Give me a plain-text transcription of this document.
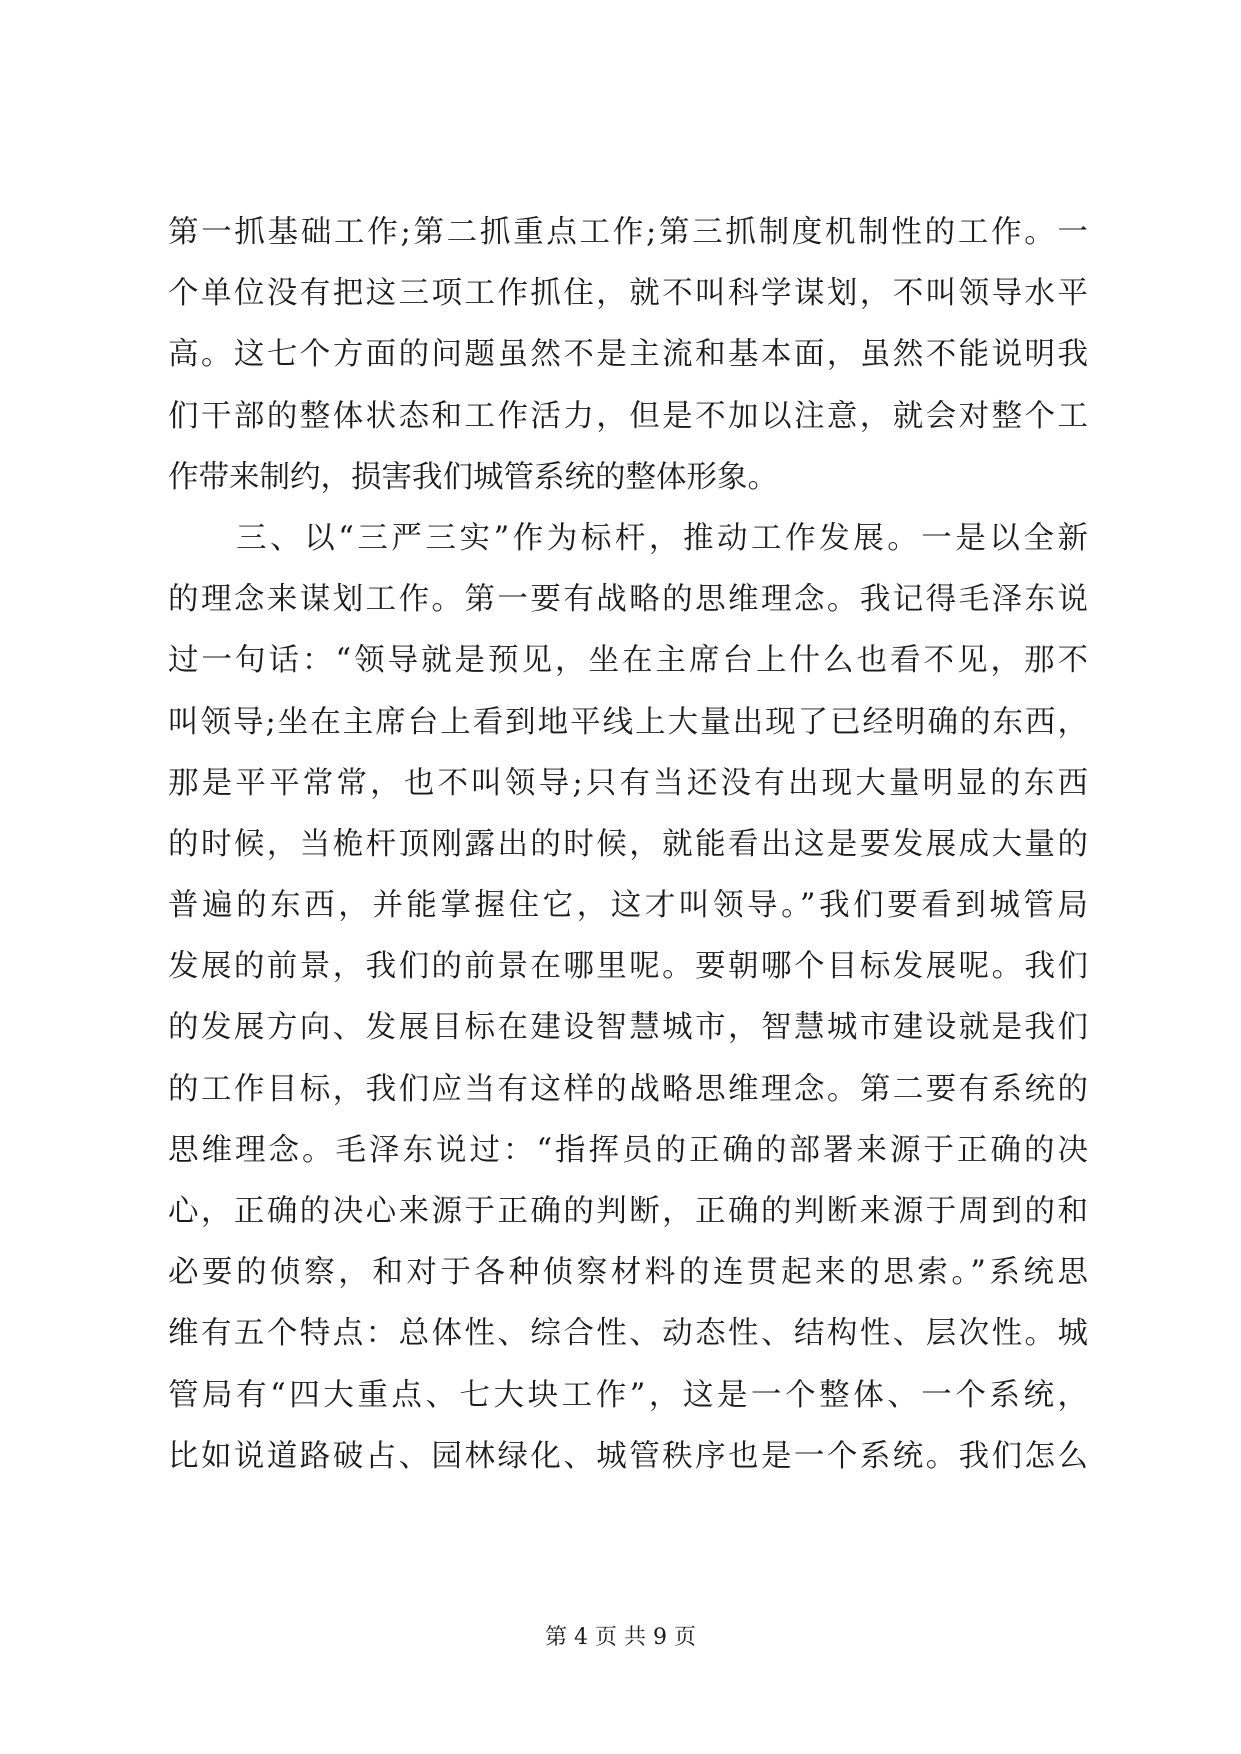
第一抓基础工作;第二抓重点工作;第三抓制度机制性的工作。一
个单位没有把这三项工作抓住，就不叫科学谋划，不叫领导水平
高。这七个方面的问题虽然不是主流和基本面，虽然不能说明我
们干部的整体状态和工作活力，但是不加以注意，就会对整个工
作带来制约，损害我们城管系统的整体形象。
　　三、以“三严三实”作为标杆，推动工作发展。一是以全新
的理念来谋划工作。第一要有战略的思维理念。我记得毛泽东说
过一句话：“领导就是预见，坐在主席台上什么也看不见，那不
叫领导;坐在主席台上看到地平线上大量出现了已经明确的东西，
那是平平常常，也不叫领导;只有当还没有出现大量明显的东西
的时候，当桅杆顶刚露出的时候，就能看出这是要发展成大量的
普遍的东西，并能掌握住它，这才叫领导。”我们要看到城管局
发展的前景，我们的前景在哪里呢。要朝哪个目标发展呢。我们
的发展方向、发展目标在建设智慧城市，智慧城市建设就是我们
的工作目标，我们应当有这样的战略思维理念。第二要有系统的
思维理念。毛泽东说过：“指挥员的正确的部署来源于正确的决
心，正确的决心来源于正确的判断，正确的判断来源于周到的和
必要的侦察，和对于各种侦察材料的连贯起来的思索。”系统思
维有五个特点：总体性、综合性、动态性、结构性、层次性。城
管局有“四大重点、七大块工作”，这是一个整体、一个系统，
比如说道路破占、园林绿化、城管秩序也是一个系统。我们怎么
第 4 页 共 9 页
